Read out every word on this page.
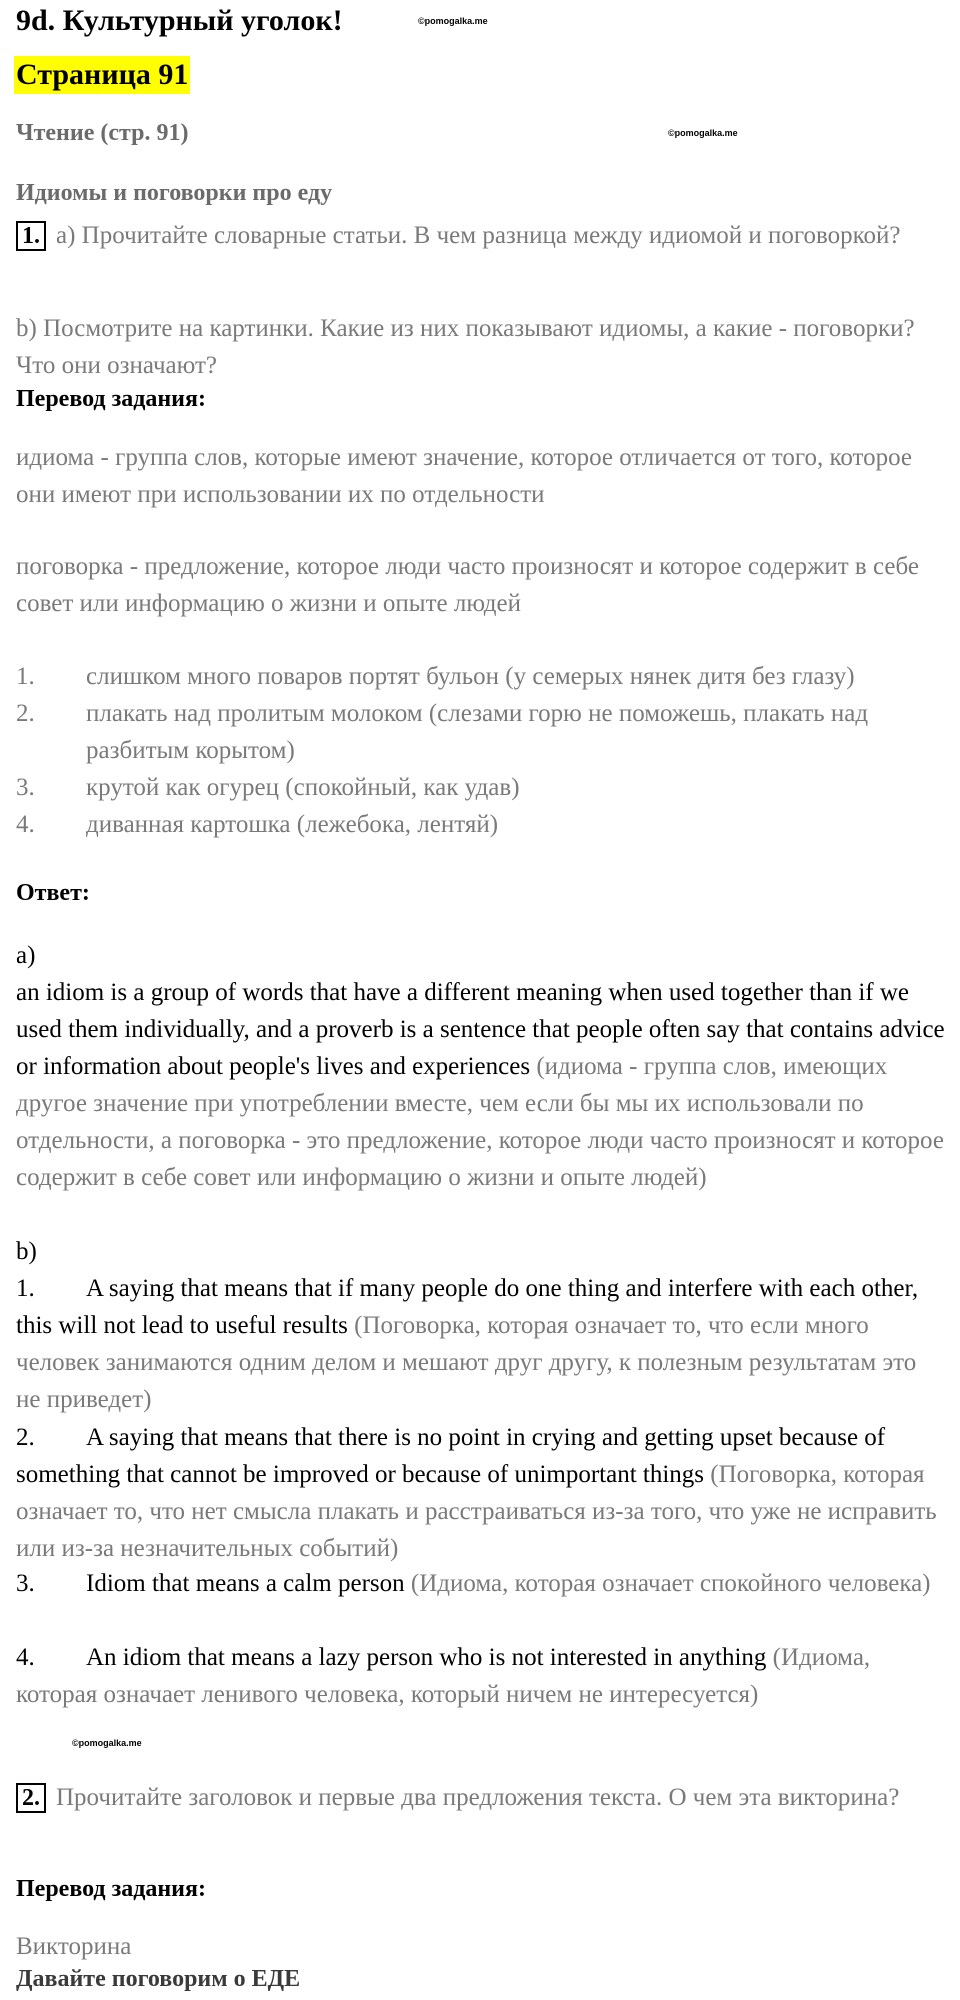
9d. Культурный уголок!	©pomogalka.me
Страница 91
Чтение (стр. 91)	©pomogalka.me
Идиомы и поговорки про еду
1. a) Прочитайте словарные статьи. В чем разница между идиомой и поговоркой?
b) Посмотрите на картинки. Какие из них показывают идиомы, а какие - поговорки? Что они означают?
Перевод задания:
идиома - группа слов, которые имеют значение, которое отличается от того, которое они имеют при использовании их по отдельности
поговорка - предложение, которое люди часто произносят и которое содержит в себе совет или информацию о жизни и опыте людей
1.	слишком много поваров портят бульон (у семерых нянек дитя без глазу)
2.	плакать над пролитым молоком (слезами горю не поможешь, плакать над разбитым корытом)
3.	крутой как огурец (спокойный, как удав)
4.	диванная картошка (лежебока, лентяй)
Ответ:
a)
an idiom is a group of words that have a different meaning when used together than if we used them individually, and a proverb is a sentence that people often say that contains advice or information about people's lives and experiences (идиома - группа слов, имеющих другое значение при употреблении вместе, чем если бы мы их использовали по отдельности, а поговорка - это предложение, которое люди часто произносят и которое содержит в себе совет или информацию о жизни и опыте людей)
b)
1. A saying that means that if many people do one thing and interfere with each other, this will not lead to useful results (Поговорка, которая означает то, что если много человек занимаются одним делом и мешают друг другу, к полезным результатам это не приведет)
2. A saying that means that there is no point in crying and getting upset because of something that cannot be improved or because of unimportant things (Поговорка, которая означает то, что нет смысла плакать и расстраиваться из-за того, что уже не исправить или из-за незначительных событий)
3. Idiom that means a calm person (Идиома, которая означает спокойного человека)
4. An idiom that means a lazy person who is not interested in anything (Идиома, которая означает ленивого человека, который ничем не интересуется)
©pomogalka.me
2. Прочитайте заголовок и первые два предложения текста. О чем эта викторина?
Перевод задания:
Викторина
Давайте поговорим о ЕДЕ
